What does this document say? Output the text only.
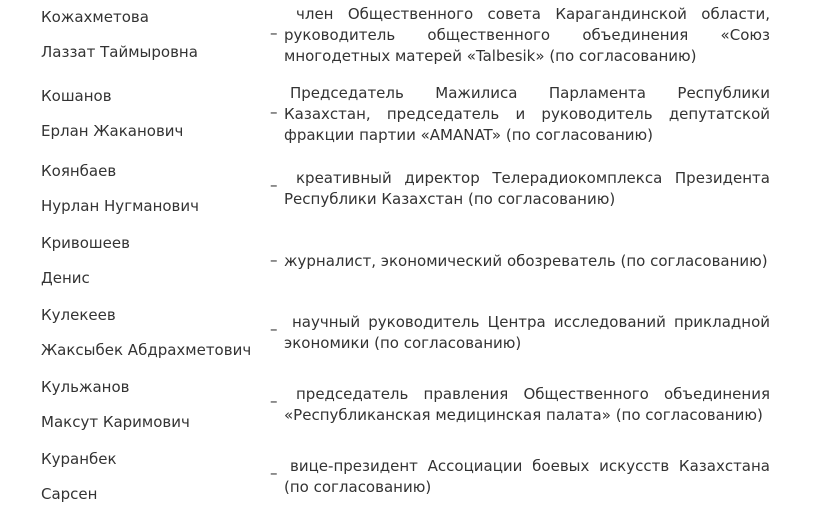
Кожахметова
Лаззат Таймыровна
–
член Общественного совета Карагандинской области, руководитель общественного объединения «Союз многодетных матерей «Talbesik» (по согласованию)
Кошанов
Ерлан Жаканович
–
Председатель Мажилиса Парламента Республики Казахстан, председатель и руководитель депутатской фракции партии «AMANAT» (по согласованию)
Коянбаев
Нурлан Нугманович
–	креативный директор Телерадиокомплекса Президента Республики Казахстан (по согласованию)
Кривошеев
Денис
– журналист, экономический обозреватель (по согласованию)
Кулекеев
Жаксыбек Абдрахметович
– научный руководитель Центра исследований прикладной экономики (по согласованию)
Кульжанов
Максут Каримович
–	председатель правления Общественного объединения «Республиканская медицинская палата» (по согласованию)
Куранбек
Сарсен
– вице-президент Ассоциации боевых искусств Казахстана (по согласованию)
